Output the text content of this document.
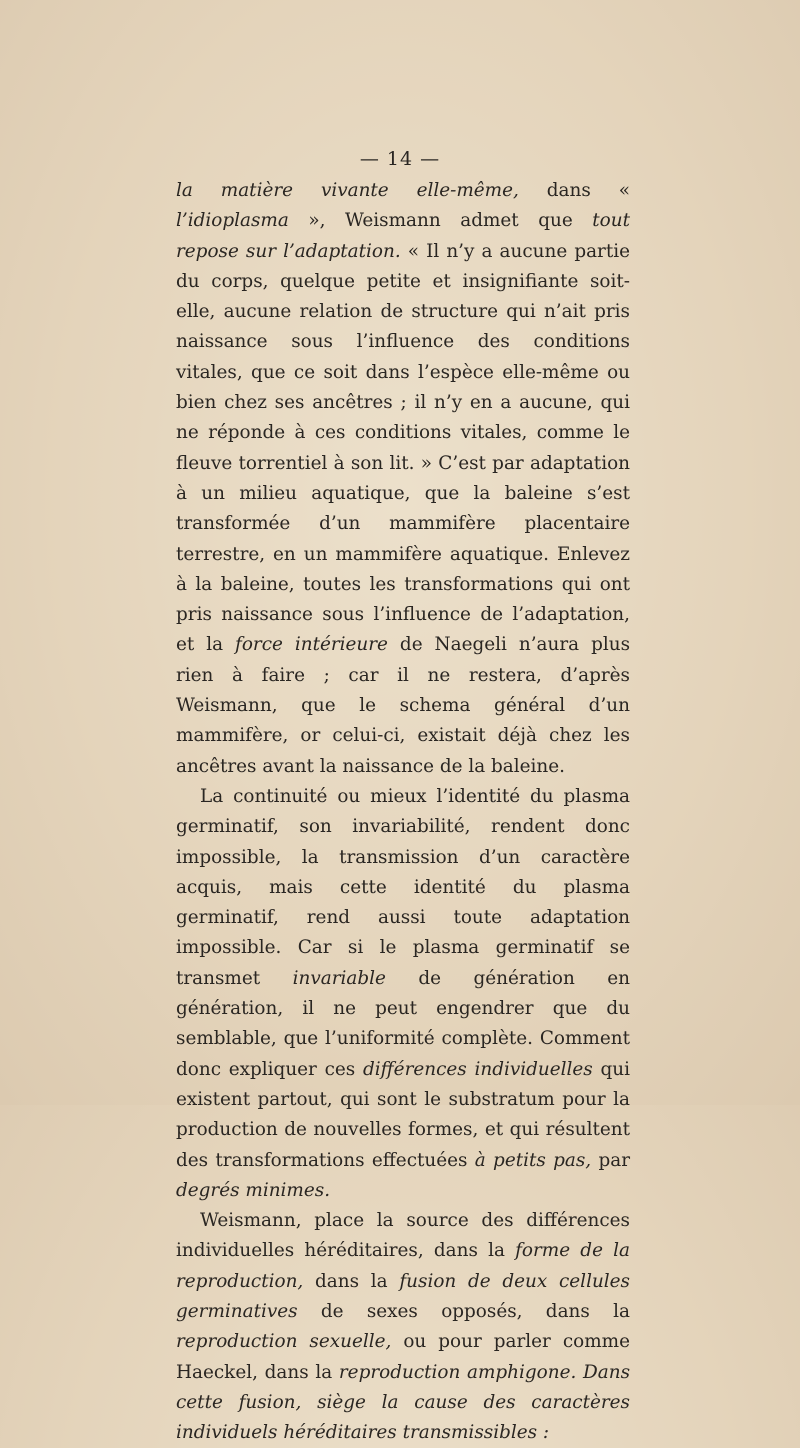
— 14 —

la matière vivante elle-même, dans « l’idioplasma », Weismann admet que tout repose sur l’adaptation. « Il n’y a aucune partie du corps, quelque petite et insignifiante soit-elle, aucune relation de structure qui n’ait pris naissance sous l’influence des conditions vitales, que ce soit dans l’espèce elle-même ou bien chez ses ancêtres ; il n’y en a aucune, qui ne réponde à ces conditions vitales, comme le fleuve torrentiel à son lit. » C’est par adaptation à un milieu aquatique, que la baleine s’est transformée d’un mammifère placentaire terrestre, en un mammifère aquatique. Enlevez à la baleine, toutes les transformations qui ont pris naissance sous l’influence de l’adaptation, et la force intérieure de Naegeli n’aura plus rien à faire ; car il ne restera, d’après Weismann, que le schema général d’un mammifère, or celui-ci, existait déjà chez les ancêtres avant la naissance de la baleine.

La continuité ou mieux l’identité du plasma germinatif, son invariabilité, rendent donc impossible, la transmission d’un caractère acquis, mais cette identité du plasma germinatif, rend aussi toute adaptation impossible. Car si le plasma germinatif se transmet invariable de génération en génération, il ne peut engendrer que du semblable, que l’uniformité complète. Comment donc expliquer ces différences individuelles qui existent partout, qui sont le substratum pour la production de nouvelles formes, et qui résultent des transformations effectuées à petits pas, par degrés minimes.

Weismann, place la source des différences individuelles héréditaires, dans la forme de la reproduction, dans la fusion de deux cellules germinatives de sexes opposés, dans la reproduction sexuelle, ou pour parler comme Haeckel, dans la reproduction amphigone. Dans cette fusion, siège la cause des caractères individuels héréditaires transmissibles :
